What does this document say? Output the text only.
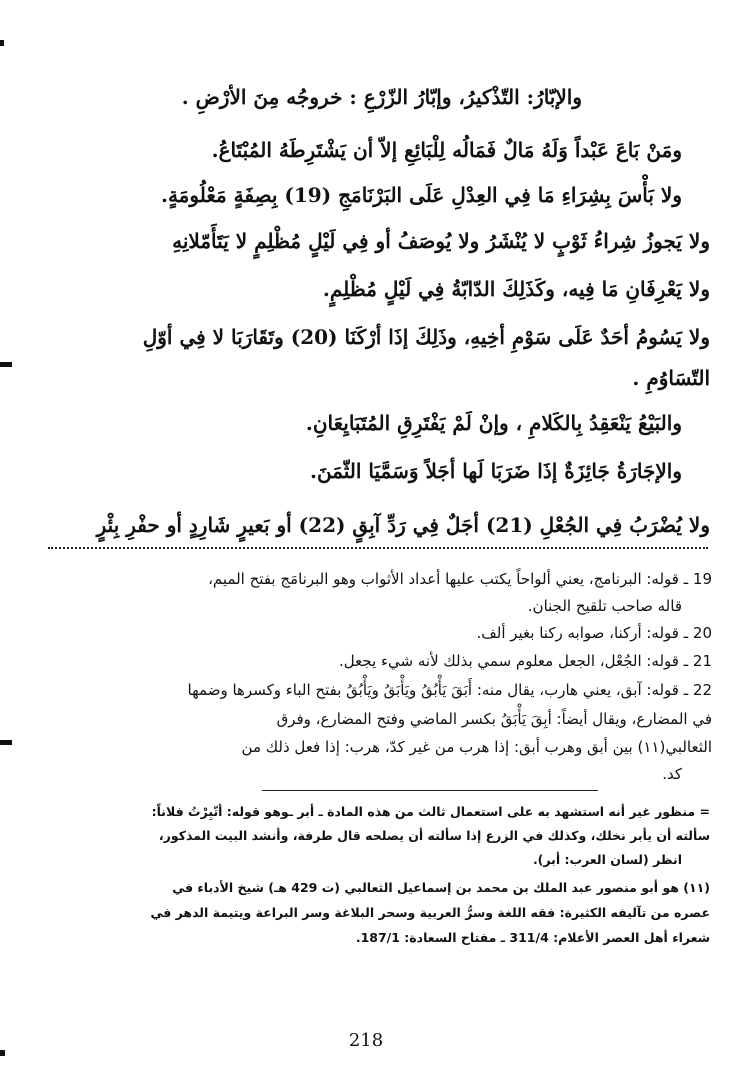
والإبّارُ: التّذْكيرُ، وإبّارُ الزّرْعِ : خروجُه مِنَ الأرْضِ .
ومَنْ بَاعَ عَبْداً وَلَهُ مَالٌ فَمَالُه لِلْبَائِعِ إلاّ أن يَشْتَرِطَهُ المُبْتَاعُ.
ولا بَأْسَ بِشِرَاءِ مَا فِي العِدْلِ عَلَى البَرْنَامَجِ (19) بِصِفَةٍ مَعْلُومَةٍ.
ولا يَجوزُ شِراءُ ثَوْبٍ لا يُنْشَرُ ولا يُوصَفُ أو فِي لَيْلٍ مُظْلِمٍ لا يَتَأَمّلانِهِ
ولا يَعْرِفَانِ مَا فِيه، وكَذَلِكَ الدّابّةُ فِي لَيْلٍ مُظْلِمٍ.
ولا يَسُومُ أحَدٌ عَلَى سَوْمِ أخِيهِ، وذَلِكَ إذَا أرْكَنَا (20) وتَقَارَبَا لا فِي أوّلِ
التّسَاوُمِ .
والبَيْعُ يَنْعَقِدُ بِالكَلامِ ، وإنْ لَمْ يَفْتَرِقِ المُتَبَايِعَانِ.
والإجَارَةُ جَائِزَةٌ إذَا ضَرَبَا لَها أجَلاً وَسَمَّيَا الثّمَنَ.
ولا يُضْرَبُ فِي الجُعْلِ (21) أجَلٌ فِي رَدِّ آبِقٍ (22) أو بَعيرٍ شَارِدٍ أو حفْرِ بِئْرٍ
19 ـ قوله: البرنامج، يعني ألواحاً يكتب عليها أعداد الأثواب وهو البرنامَج بفتح الميم،
قاله صاحب تلقيح الجنان.
20 ـ قوله: أركنا، صوابه ركنا بغير ألف.
21 ـ قوله: الجُعْل، الجعل معلوم سمي بذلك لأنه شيء يجعل.
22 ـ قوله: آبق، يعني هارب، يقال منه: أَبَقَ يَأْبُقُ ويَأْبَقُ ويَأْبُقُ بفتح الباء وكسرها وضمها
في المضارع، ويقال أيضاً: أبِقَ يَأْبَقُ بكسر الماضي وفتح المضارع، وفرق
الثعالبي(١١) بين أبق وهرب أبق: إذا هرب من غير كدّ، هرب: إذا فعل ذلك من
كد.
= منظور غير أنه استشهد به على استعمال ثالث من هذه المادة ـ أبر ـوهو قوله: أتّبِرْتُ فلاناً:
سألته أن يأبر نخلك، وكذلك في الزرع إذا سألته أن يصلحه قال طرفة، وأنشد البيت المذكور،
انظر (لسان العرب: أبر).
(١١) هو أبو منصور عبد الملك بن محمد بن إسماعيل الثعالبي (ت 429 هـ) شيخ الأدباء في
عصره من تآليفه الكثيرة: فقه اللغة وسرُّ العربية وسحر البلاغة وسر البراعة ويتيمة الدهر في
شعراء أهل العصر الأعلام: 311/4 ـ مفتاح السعادة: 187/1.
218
